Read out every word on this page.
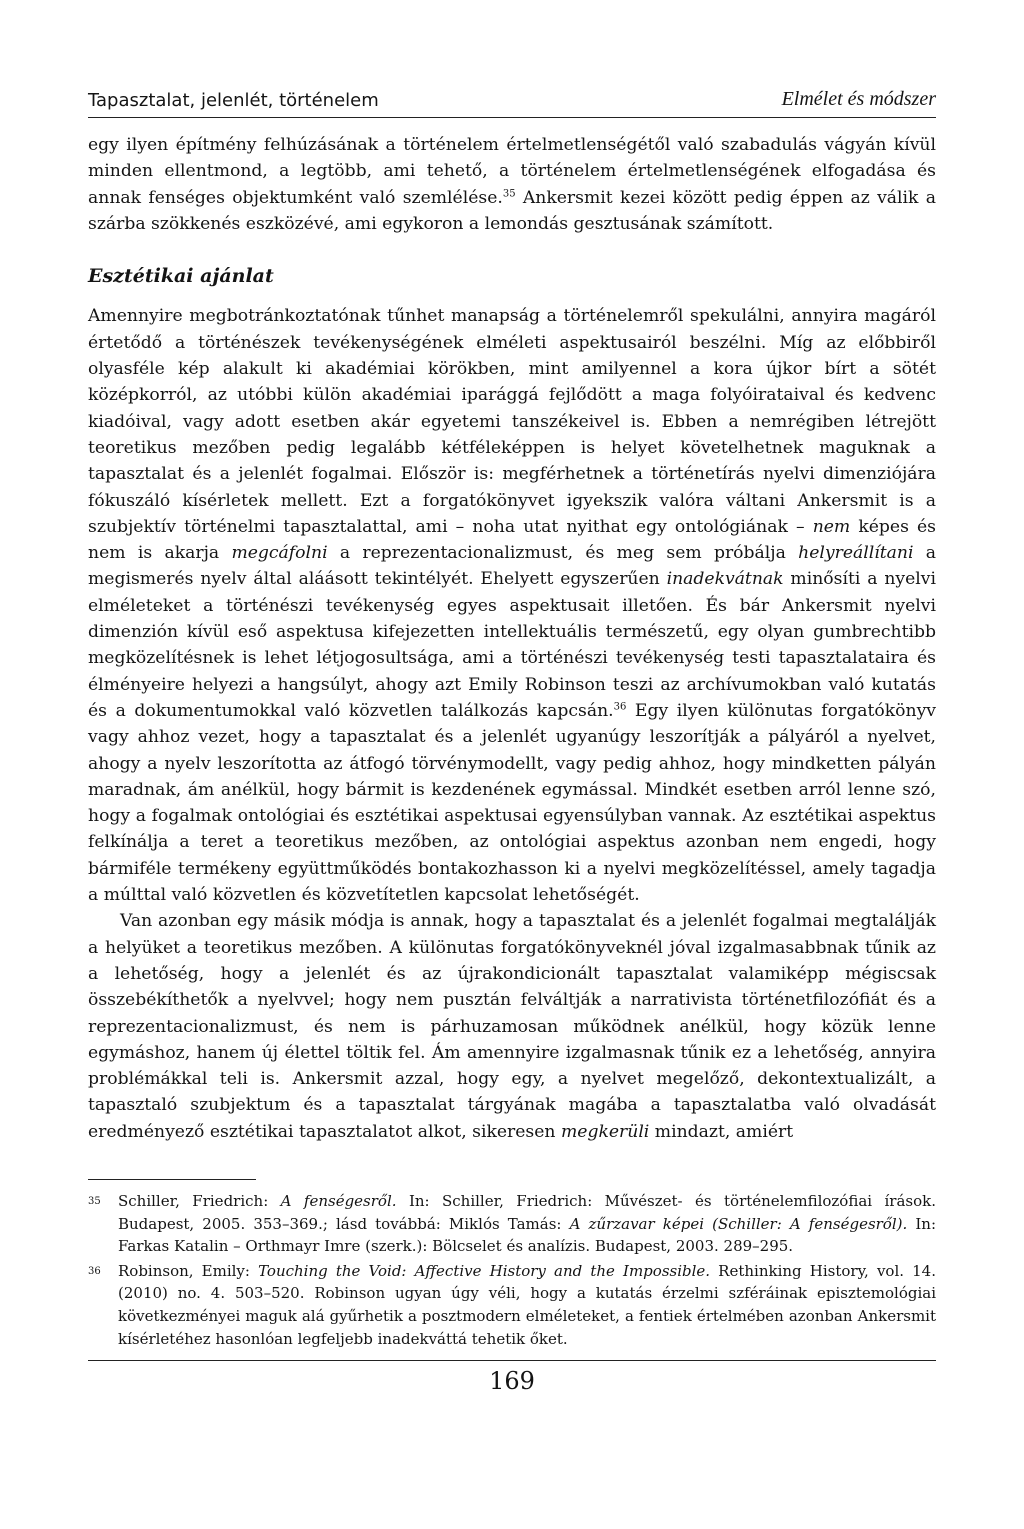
Tapasztalat, jelenlét, történelem	Elmélet és módszer

egy ilyen építmény felhúzásának a történelem értelmetlenségétől való szabadulás vágyán kívül minden ellentmond, a legtöbb, ami tehető, a történelem értelmetlenségének elfogadása és annak fenséges objektumként való szemlélése.$^{35}$ Ankersmit kezei között pedig éppen az válik a szárba szökkenés eszközévé, ami egykoron a lemondás gesztusának számított.

Esztétikai ajánlat

Amennyire megbotránkoztatónak tűnhet manapság a történelemről spekulálni, annyira magáról értetődő a történészek tevékenységének elméleti aspektusairól beszélni. Míg az előbbiről olyasféle kép alakult ki akadémiai körökben, mint amilyennel a kora újkor bírt a sötét középkorról, az utóbbi külön akadémiai iparággá fejlődött a maga folyóirataival és kedvenc kiadóival, vagy adott esetben akár egyetemi tanszékeivel is. Ebben a nemrégiben létrejött teoretikus mezőben pedig legalább kétféleképpen is helyet követelhetnek maguknak a tapasztalat és a jelenlét fogalmai. Először is: megférhetnek a történetírás nyelvi dimenziójára fókuszáló kísérletek mellett. Ezt a forgatókönyvet igyekszik valóra váltani Ankersmit is a szubjektív történelmi tapasztalattal, ami – noha utat nyithat egy ontológiának – nem képes és nem is akarja megcáfolni a reprezentacionalizmust, és meg sem próbálja helyreállítani a megismerés nyelv által aláásott tekintélyét. Ehelyett egyszerűen inadekvátnak minősíti a nyelvi elméleteket a történészi tevékenység egyes aspektusait illetően. És bár Ankersmit nyelvi dimenzión kívül eső aspektusa kifejezetten intellektuális természetű, egy olyan gumbrechtibb megközelítésnek is lehet létjogosultsága, ami a történészi tevékenység testi tapasztalataira és élményeire helyezi a hangsúlyt, ahogy azt Emily Robinson teszi az archívumokban való kutatás és a dokumentumokkal való közvetlen találkozás kapcsán.$^{36}$ Egy ilyen különutas forgatókönyv vagy ahhoz vezet, hogy a tapasztalat és a jelenlét ugyanúgy leszorítják a pályáról a nyelvet, ahogy a nyelv leszorította az átfogó törvénymodellt, vagy pedig ahhoz, hogy mindketten pályán maradnak, ám anélkül, hogy bármit is kezdenének egymással. Mindkét esetben arról lenne szó, hogy a fogalmak ontológiai és esztétikai aspektusai egyensúlyban vannak. Az esztétikai aspektus felkínálja a teret a teoretikus mezőben, az ontológiai aspektus azonban nem engedi, hogy bármiféle termékeny együttműködés bontakozhasson ki a nyelvi megközelítéssel, amely tagadja a múlttal való közvetlen és közvetítetlen kapcsolat lehetőségét.

Van azonban egy másik módja is annak, hogy a tapasztalat és a jelenlét fogalmai megtalálják a helyüket a teoretikus mezőben. A különutas forgatókönyveknél jóval izgalmasabbnak tűnik az a lehetőség, hogy a jelenlét és az újrakondicionált tapasztalat valamiképp mégiscsak összebékíthetők a nyelvvel; hogy nem pusztán felváltják a narrativista történetfilozófiát és a reprezentacionalizmust, és nem is párhuzamosan működnek anélkül, hogy közük lenne egymáshoz, hanem új élettel töltik fel. Ám amennyire izgalmasnak tűnik ez a lehetőség, annyira problémákkal teli is. Ankersmit azzal, hogy egy, a nyelvet megelőző, dekontextualizált, a tapasztaló szubjektum és a tapasztalat tárgyának magába a tapasztalatba való olvadását eredményező esztétikai tapasztalatot alkot, sikeresen megkerüli mindazt, amiért

35	Schiller, Friedrich: A fenségesről. In: Schiller, Friedrich: Művészet- és történelemfilozófiai írások. Budapest, 2005. 353–369.; lásd továbbá: Miklós Tamás: A zűrzavar képei (Schiller: A fenségesről). In: Farkas Katalin – Orthmayr Imre (szerk.): Bölcselet és analízis. Budapest, 2003. 289–295.
36	Robinson, Emily: Touching the Void: Affective History and the Impossible. Rethinking History, vol. 14. (2010) no. 4. 503–520. Robinson ugyan úgy véli, hogy a kutatás érzelmi szféráinak episztemológiai következményei maguk alá gyűrhetik a posztmodern elméleteket, a fentiek értelmében azonban Ankersmit kísérletéhez hasonlóan legfeljebb inadekváttá tehetik őket.
169
